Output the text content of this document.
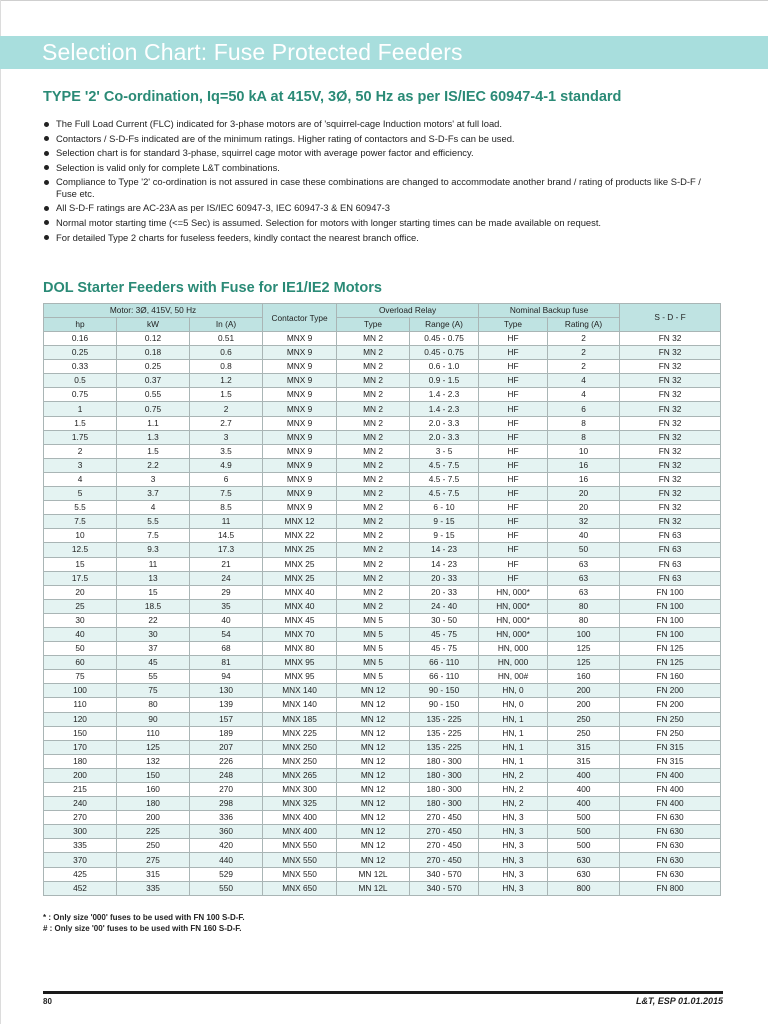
Selection Chart: Fuse Protected Feeders
TYPE '2' Co-ordination, Iq=50 kA at 415V, 3Ø, 50 Hz as per IS/IEC 60947-4-1 standard
The Full Load Current (FLC) indicated for 3-phase motors are of 'squirrel-cage Induction motors' at full load.
Contactors / S-D-Fs indicated are of the minimum ratings. Higher rating of contactors and S-D-Fs can be used.
Selection chart is for standard 3-phase, squirrel cage motor with average power factor and efficiency.
Selection is valid only for complete L&T combinations.
Compliance to Type '2' co-ordination is not assured in case these combinations are changed to accommodate another brand / rating of products like S-D-F / Fuse etc.
All S-D-F ratings are AC-23A as per IS/IEC 60947-3, IEC 60947-3 & EN 60947-3
Normal motor starting time (<=5 Sec) is assumed. Selection for motors with longer starting times can be made available on request.
For detailed Type 2 charts for fuseless feeders, kindly contact the nearest branch office.
DOL Starter Feeders with Fuse for IE1/IE2 Motors
Motor: 3Ø, 415V, 50 Hz			Contactor Type	Overload Relay		Nominal Backup fuse		S - D - F
hp	kW	In (A)		Type	Range (A)	Type	Rating (A)	
0.16	0.12	0.51	MNX 9	MN 2	0.45 - 0.75	HF	2	FN 32
0.25	0.18	0.6	MNX 9	MN 2	0.45 - 0.75	HF	2	FN 32
0.33	0.25	0.8	MNX 9	MN 2	0.6 - 1.0	HF	2	FN 32
0.5	0.37	1.2	MNX 9	MN 2	0.9 - 1.5	HF	4	FN 32
0.75	0.55	1.5	MNX 9	MN 2	1.4 - 2.3	HF	4	FN 32
1	0.75	2	MNX 9	MN 2	1.4 - 2.3	HF	6	FN 32
1.5	1.1	2.7	MNX 9	MN 2	2.0 - 3.3	HF	8	FN 32
1.75	1.3	3	MNX 9	MN 2	2.0 - 3.3	HF	8	FN 32
2	1.5	3.5	MNX 9	MN 2	3 - 5	HF	10	FN 32
3	2.2	4.9	MNX 9	MN 2	4.5 - 7.5	HF	16	FN 32
4	3	6	MNX 9	MN 2	4.5 - 7.5	HF	16	FN 32
5	3.7	7.5	MNX 9	MN 2	4.5 - 7.5	HF	20	FN 32
5.5	4	8.5	MNX 9	MN 2	6 - 10	HF	20	FN 32
7.5	5.5	11	MNX 12	MN 2	9 - 15	HF	32	FN 32
10	7.5	14.5	MNX 22	MN 2	9 - 15	HF	40	FN 63
12.5	9.3	17.3	MNX 25	MN 2	14 - 23	HF	50	FN 63
15	11	21	MNX 25	MN 2	14 - 23	HF	63	FN 63
17.5	13	24	MNX 25	MN 2	20 - 33	HF	63	FN 63
20	15	29	MNX 40	MN 2	20 - 33	HN, 000*	63	FN 100
25	18.5	35	MNX 40	MN 2	24 - 40	HN, 000*	80	FN 100
30	22	40	MNX 45	MN 5	30 - 50	HN, 000*	80	FN 100
40	30	54	MNX 70	MN 5	45 - 75	HN, 000*	100	FN 100
50	37	68	MNX 80	MN 5	45 - 75	HN, 000	125	FN 125
60	45	81	MNX 95	MN 5	66 - 110	HN, 000	125	FN 125
75	55	94	MNX 95	MN 5	66 - 110	HN, 00#	160	FN 160
100	75	130	MNX 140	MN 12	90 - 150	HN, 0	200	FN 200
110	80	139	MNX 140	MN 12	90 - 150	HN, 0	200	FN 200
120	90	157	MNX 185	MN 12	135 - 225	HN, 1	250	FN 250
150	110	189	MNX 225	MN 12	135 - 225	HN, 1	250	FN 250
170	125	207	MNX 250	MN 12	135 - 225	HN, 1	315	FN 315
180	132	226	MNX 250	MN 12	180 - 300	HN, 1	315	FN 315
200	150	248	MNX 265	MN 12	180 - 300	HN, 2	400	FN 400
215	160	270	MNX 300	MN 12	180 - 300	HN, 2	400	FN 400
240	180	298	MNX 325	MN 12	180 - 300	HN, 2	400	FN 400
270	200	336	MNX 400	MN 12	270 - 450	HN, 3	500	FN 630
300	225	360	MNX 400	MN 12	270 - 450	HN, 3	500	FN 630
335	250	420	MNX 550	MN 12	270 - 450	HN, 3	500	FN 630
370	275	440	MNX 550	MN 12	270 - 450	HN, 3	630	FN 630
425	315	529	MNX 550	MN 12L	340 - 570	HN, 3	630	FN 630
452	335	550	MNX 650	MN 12L	340 - 570	HN, 3	800	FN 800
* : Only size '000' fuses to be used with FN 100 S-D-F.
# : Only size '00' fuses to be used with FN 160 S-D-F.
80	L&T, ESP 01.01.2015
